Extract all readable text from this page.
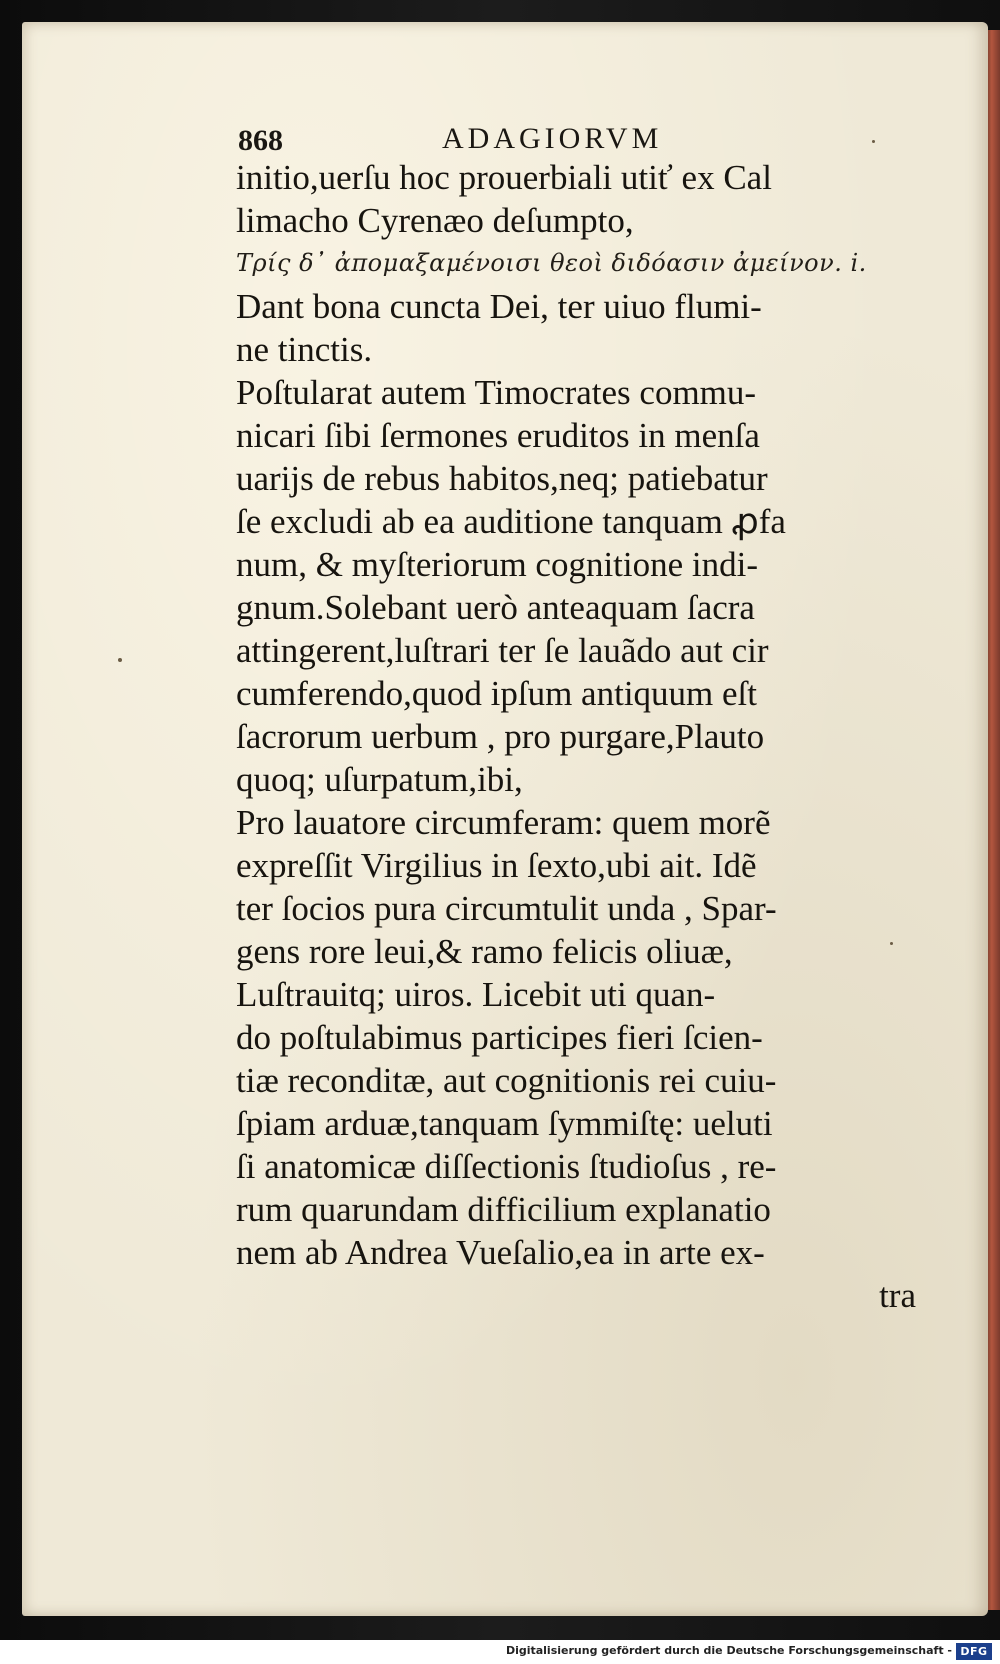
868	ADAGIORVM
initio,uerſu hoc prouerbiali utiť ex Cal
limacho Cyrenæo deſumpto,
Tρίς δ᾽ ἀπομαξαμένοισι θεοὶ διδόασιν ἀμείνον. i.
Dant bona cuncta Dei, ter uiuo flumi-
ne tinctis.
Poſtularat autem Timocrates commu-
nicari ſibi ſermones eruditos in menſa
uarijs de rebus habitos,neq; patiebatur
ſe excludi ab ea auditione tanquam ꝓfa
num, & myſteriorum cognitione indi-
gnum.Solebant uerò anteaquam ſacra
attingerent,luſtrari ter ſe lauãdo aut cir
cumferendo,quod ipſum antiquum eſt
ſacrorum uerbum , pro purgare,Plauto
quoq; uſurpatum,ibi,
Pro lauatore circumferam: quem morẽ
expreſſit Virgilius in ſexto,ubi ait. Idẽ
ter ſocios pura circumtulit unda , Spar-
gens rore leui,& ramo felicis oliuæ,
Luſtrauitq; uiros. Licebit uti quan-
do poſtulabimus participes fieri ſcien-
tiæ reconditæ, aut cognitionis rei cuiu-
ſpiam arduæ,tanquam ſymmiſtę: ueluti
ſi anatomicæ diſſectionis ſtudioſus , re-
rum quarundam difficilium explanatio
nem ab Andrea Vueſalio,ea in arte ex-
tra
Digitalisierung gefördert durch die Deutsche Forschungsgemeinschaft - DFG
